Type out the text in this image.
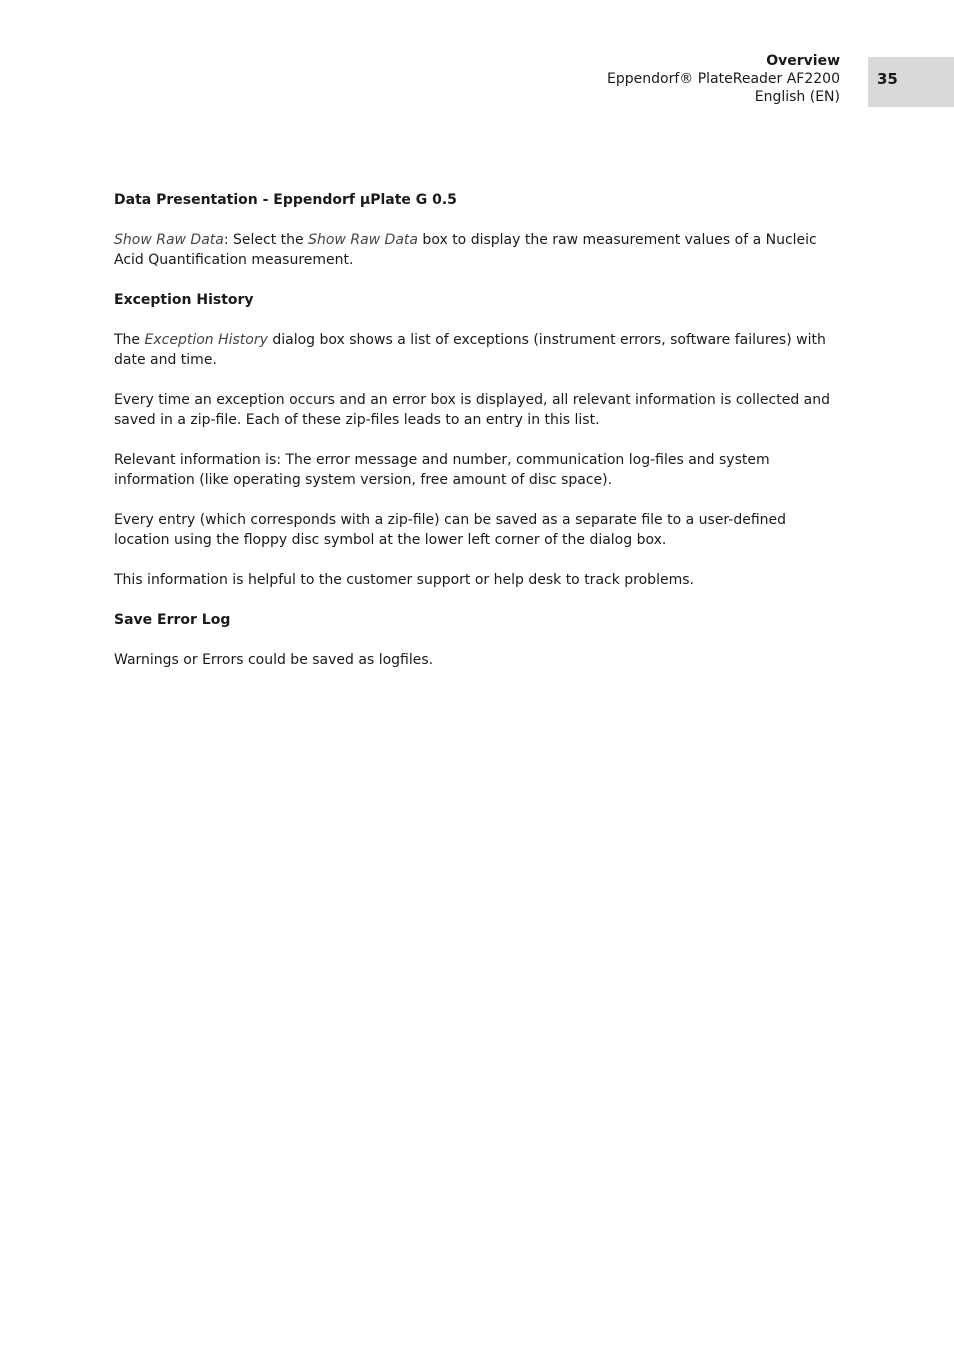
Overview
Eppendorf® PlateReader AF2200
English (EN)
35
Data Presentation - Eppendorf µPlate G 0.5

Show Raw Data: Select the Show Raw Data box to display the raw measurement values of a Nucleic Acid Quantification measurement.

Exception History

The Exception History dialog box shows a list of exceptions (instrument errors, software failures) with date and time.

Every time an exception occurs and an error box is displayed, all relevant information is collected and saved in a zip-file. Each of these zip-files leads to an entry in this list.

Relevant information is: The error message and number, communication log-files and system information (like operating system version, free amount of disc space).

Every entry (which corresponds with a zip-file) can be saved as a separate file to a user-defined location using the floppy disc symbol at the lower left corner of the dialog box.

This information is helpful to the customer support or help desk to track problems.

Save Error Log

Warnings or Errors could be saved as logfiles.
